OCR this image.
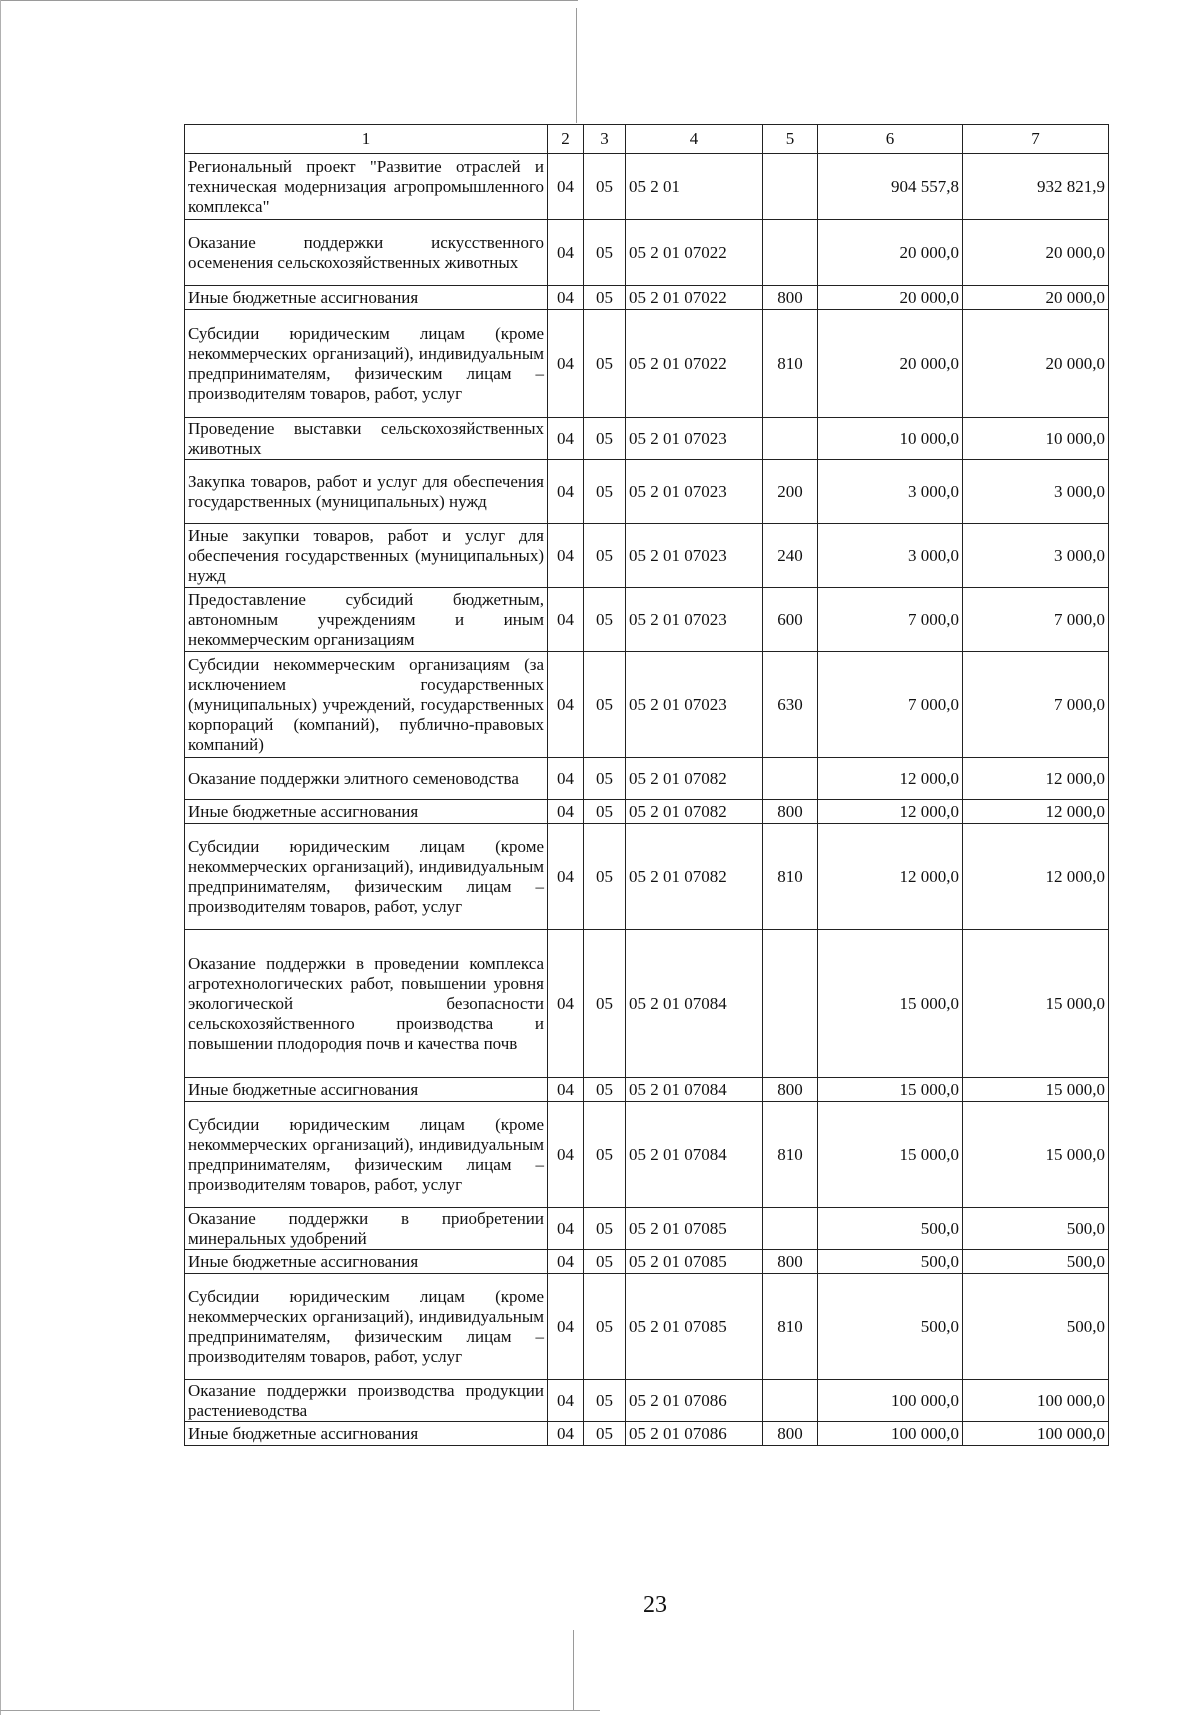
1	2	3	4	5	6	7
Региональный проект "Развитие отраслей и техническая модернизация агропромышленного комплекса"	04	05	05 2 01		904 557,8	932 821,9
Оказание поддержки искусственного осеменения сельскохозяйственных животных	04	05	05 2 01 07022		20 000,0	20 000,0
Иные бюджетные ассигнования	04	05	05 2 01 07022	800	20 000,0	20 000,0
Субсидии юридическим лицам (кроме некоммерческих организаций), индивидуальным предпринимателям, физическим лицам – производителям товаров, работ, услуг	04	05	05 2 01 07022	810	20 000,0	20 000,0
Проведение выставки сельскохозяйственных животных	04	05	05 2 01 07023		10 000,0	10 000,0
Закупка товаров, работ и услуг для обеспечения государственных (муниципальных) нужд	04	05	05 2 01 07023	200	3 000,0	3 000,0
Иные закупки товаров, работ и услуг для обеспечения государственных (муниципальных) нужд	04	05	05 2 01 07023	240	3 000,0	3 000,0
Предоставление субсидий бюджетным, автономным учреждениям и иным некоммерческим организациям	04	05	05 2 01 07023	600	7 000,0	7 000,0
Субсидии некоммерческим организациям (за исключением государственных (муниципальных) учреждений, государственных корпораций (компаний), публично-правовых компаний)	04	05	05 2 01 07023	630	7 000,0	7 000,0
Оказание поддержки элитного семеноводства	04	05	05 2 01 07082		12 000,0	12 000,0
Иные бюджетные ассигнования	04	05	05 2 01 07082	800	12 000,0	12 000,0
Субсидии юридическим лицам (кроме некоммерческих организаций), индивидуальным предпринимателям, физическим лицам – производителям товаров, работ, услуг	04	05	05 2 01 07082	810	12 000,0	12 000,0
Оказание поддержки в проведении комплекса агротехнологических работ, повышении уровня экологической безопасности сельскохозяйственного производства и повышении плодородия почв и качества почв	04	05	05 2 01 07084		15 000,0	15 000,0
Иные бюджетные ассигнования	04	05	05 2 01 07084	800	15 000,0	15 000,0
Субсидии юридическим лицам (кроме некоммерческих организаций), индивидуальным предпринимателям, физическим лицам – производителям товаров, работ, услуг	04	05	05 2 01 07084	810	15 000,0	15 000,0
Оказание поддержки в приобретении минеральных удобрений	04	05	05 2 01 07085		500,0	500,0
Иные бюджетные ассигнования	04	05	05 2 01 07085	800	500,0	500,0
Субсидии юридическим лицам (кроме некоммерческих организаций), индивидуальным предпринимателям, физическим лицам – производителям товаров, работ, услуг	04	05	05 2 01 07085	810	500,0	500,0
Оказание поддержки производства продукции растениеводства	04	05	05 2 01 07086		100 000,0	100 000,0
Иные бюджетные ассигнования	04	05	05 2 01 07086	800	100 000,0	100 000,0
23
